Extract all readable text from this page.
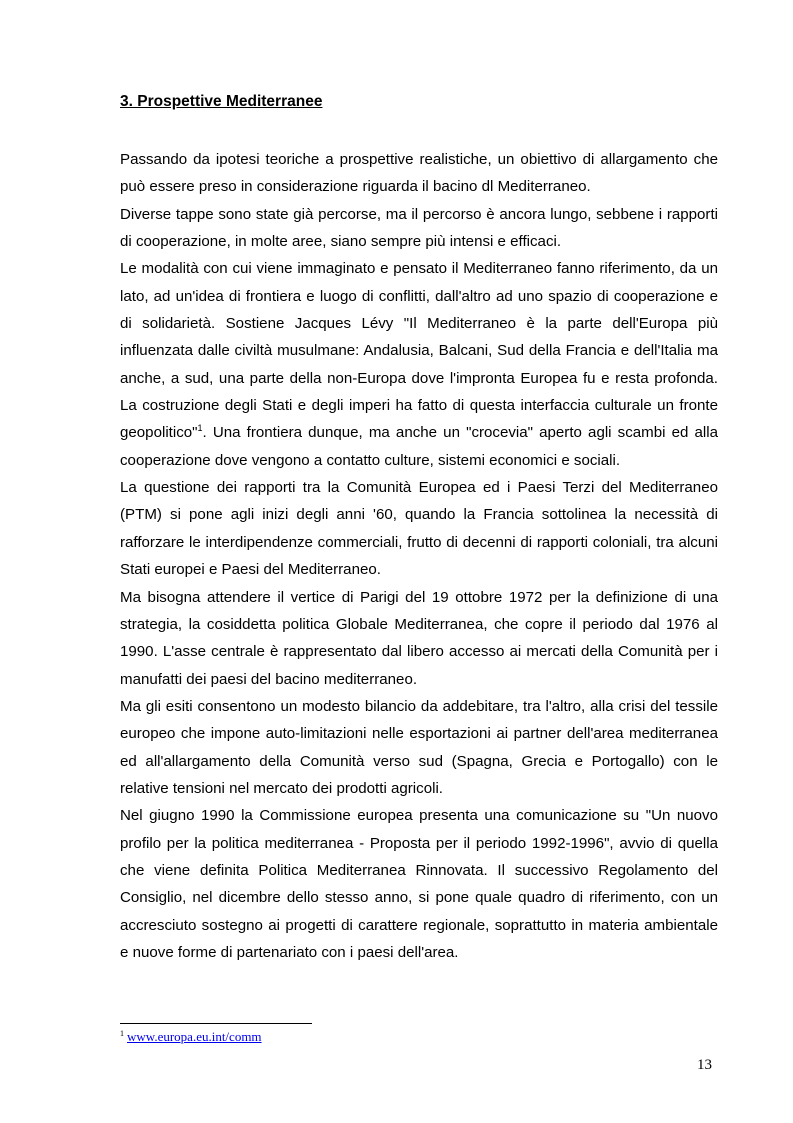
3. Prospettive Mediterranee

Passando da ipotesi teoriche a prospettive realistiche, un obiettivo di allargamento che può essere preso in considerazione riguarda il bacino dl Mediterraneo.

Diverse tappe sono state già percorse, ma il percorso è ancora lungo, sebbene i rapporti di cooperazione, in molte aree, siano sempre più intensi e efficaci.

Le modalità con cui viene immaginato e pensato il Mediterraneo fanno riferimento, da un lato, ad un'idea di frontiera e luogo di conflitti, dall'altro ad uno spazio di cooperazione e di solidarietà. Sostiene Jacques Lévy "Il Mediterraneo è la parte dell'Europa più influenzata dalle civiltà musulmane: Andalusia, Balcani, Sud della Francia e dell'Italia ma anche, a sud, una parte della non-Europa dove l'impronta Europea fu e resta profonda. La costruzione degli Stati e degli imperi ha fatto di questa interfaccia culturale un fronte geopolitico"$^1$. Una frontiera dunque, ma anche un "crocevia" aperto agli scambi ed alla cooperazione dove vengono a contatto culture, sistemi economici e sociali.

La questione dei rapporti tra la Comunità Europea ed i Paesi Terzi del Mediterraneo (PTM) si pone agli inizi degli anni '60, quando la Francia sottolinea la necessità di rafforzare le interdipendenze commerciali, frutto di decenni di rapporti coloniali, tra alcuni Stati europei e Paesi del Mediterraneo.

Ma bisogna attendere il vertice di Parigi del 19 ottobre 1972 per la definizione di una strategia, la cosiddetta politica Globale Mediterranea, che copre il periodo dal 1976 al 1990. L'asse centrale è rappresentato dal libero accesso ai mercati della Comunità per i manufatti dei paesi del bacino mediterraneo.

Ma gli esiti consentono un modesto bilancio da addebitare, tra l'altro, alla crisi del tessile europeo che impone auto-limitazioni nelle esportazioni ai partner dell'area mediterranea ed all'allargamento della Comunità verso sud (Spagna, Grecia e Portogallo) con le relative tensioni nel mercato dei prodotti agricoli.

Nel giugno 1990 la Commissione europea presenta una comunicazione su "Un nuovo profilo per la politica mediterranea - Proposta per il periodo 1992-1996", avvio di quella che viene definita Politica Mediterranea Rinnovata. Il successivo Regolamento del Consiglio, nel dicembre dello stesso anno, si pone quale quadro di riferimento, con un accresciuto sostegno ai progetti di carattere regionale, soprattutto in materia ambientale e nuove forme di partenariato con i paesi dell'area.

$^1$ www.europa.eu.int/comm
13
